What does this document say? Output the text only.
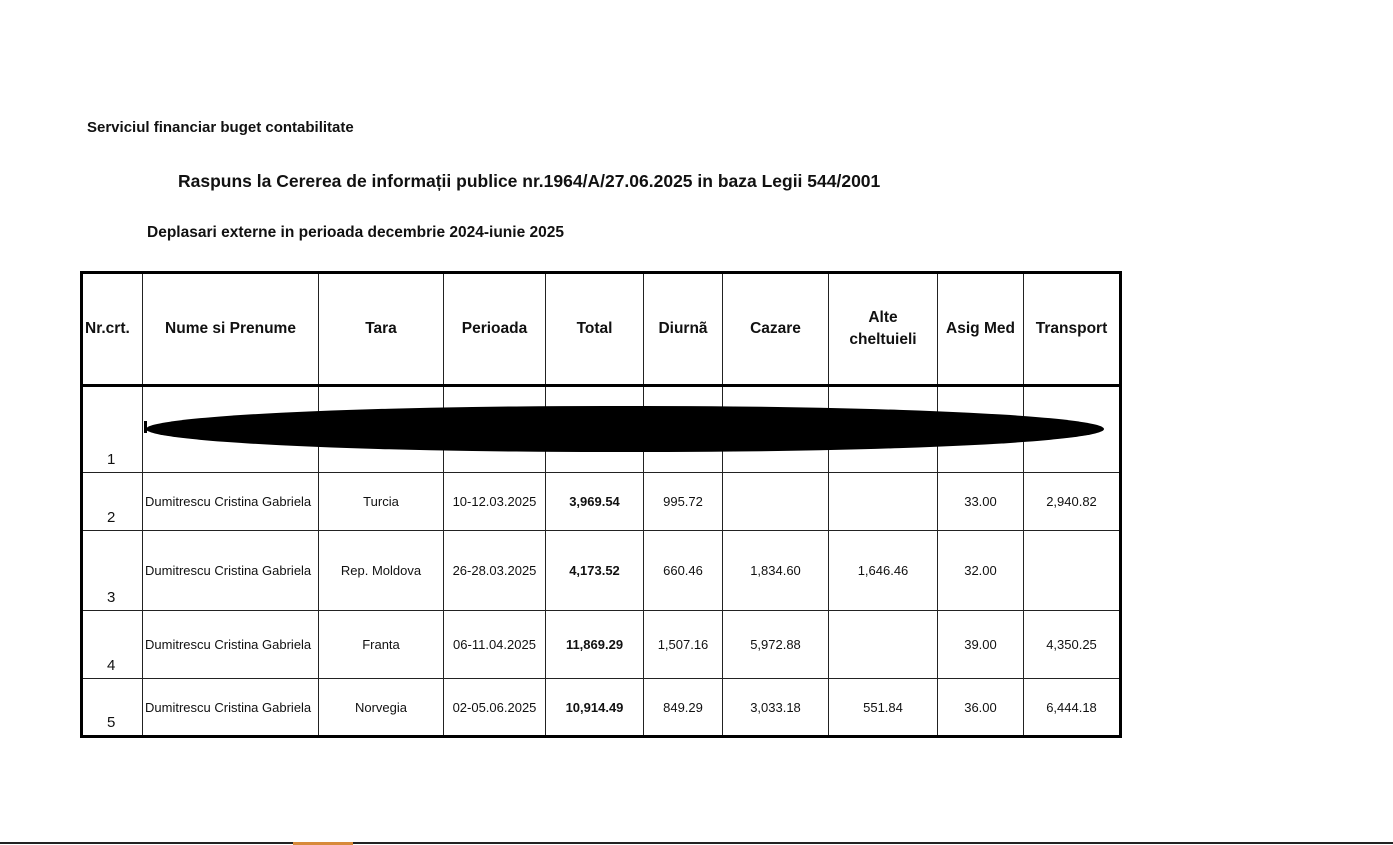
Serviciul financiar buget contabilitate
Raspuns la Cererea de informații publice nr.1964/A/27.06.2025 in baza Legii 544/2001
Deplasari externe in perioada decembrie 2024-iunie 2025
Nr.crt.	Nume si Prenume	Tara	Perioada	Total	Diurnã	Cazare	Alte cheltuieli	Asig Med	Transport
1									
2	Dumitrescu Cristina Gabriela	Turcia	10-12.03.2025	3,969.54	995.72			33.00	2,940.82
3	Dumitrescu Cristina Gabriela	Rep. Moldova	26-28.03.2025	4,173.52	660.46	1,834.60	1,646.46	32.00	
4	Dumitrescu Cristina Gabriela	Franta	06-11.04.2025	11,869.29	1,507.16	5,972.88		39.00	4,350.25
5	Dumitrescu Cristina Gabriela	Norvegia	02-05.06.2025	10,914.49	849.29	3,033.18	551.84	36.00	6,444.18
